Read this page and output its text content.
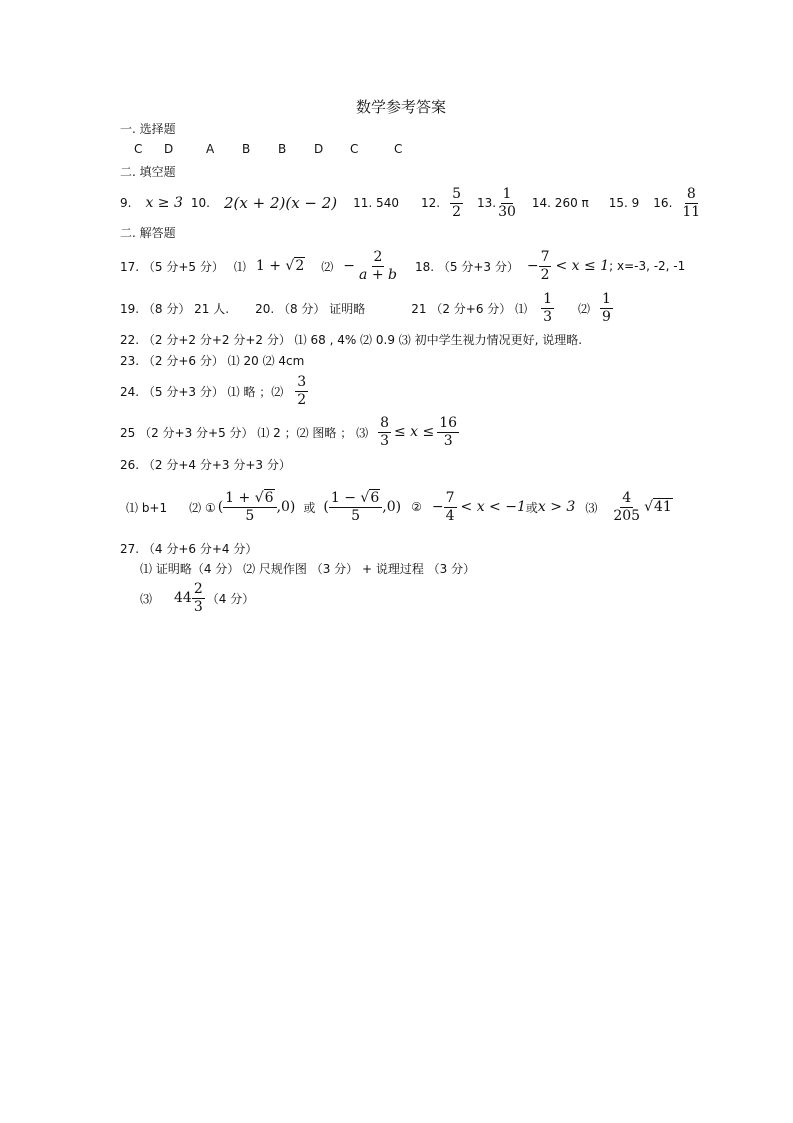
数学参考答案
一. 选择题
C D	A B B D C	C
二. 填空题
9. x ≥ 3 10. 2(x + 2)(x − 2) 11. 540 12. $\frac{5}{2} 13$. $\frac{1}{30} 14$. 260 π 15. 9 16. $\frac{8}{11}$
二. 解答题
17. （5 分+5 分） ⑴ 1 + √2 ⑵ − $\frac{2}{a + b} 18$. （5 分+3 分） − $\frac{7}{2} < x \le 1$ ; x=-3, -2, -1
19. （8 分） 21 人. 20. （8 分） 证明略	21 （2 分+6 分） ⑴ $\frac{1}{3}$ ⑵ $\frac{1}{9}$
22. （2 分+2 分+2 分+2 分） ⑴ 68 , 4% ⑵ 0.9 ⑶ 初中学生视力情况更好, 说理略.
23. （2 分+6 分） ⑴ 20 ⑵ 4cm
24. （5 分+3 分） ⑴ 略 ；⑵ $\frac{3}{2}$
25 （2 分+3 分+5 分） ⑴ 2 ；⑵ 图略 ； ⑶ $\frac{8}{3} \le x \le \frac{16}{3}$
26. （2 分+4 分+3 分+3 分）
⑴ b+1 ⑵ ① ( $\frac{1 + √6}{5} ,0$) 或 ( $\frac{1 - √6}{5} ,0$) ② − $\frac{7}{4} < x < -1$ 或 x > 3 ⑶ $\frac{4}{205} √41$
27. （4 分+6 分+4 分）
⑴ 证明略（4 分） ⑵ 尺规作图 （3 分） + 说理过程 （3 分）
⑶ $44 \frac{2}{3} (4$ 分）
